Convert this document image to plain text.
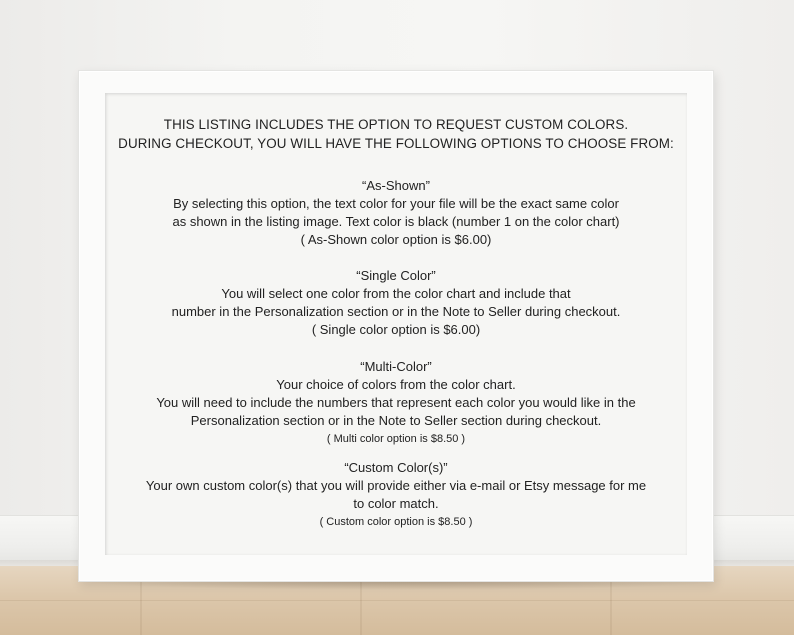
THIS LISTING INCLUDES THE OPTION TO REQUEST CUSTOM COLORS.
DURING CHECKOUT, YOU WILL HAVE THE FOLLOWING OPTIONS TO CHOOSE FROM:
“As-Shown”
By selecting this option, the text color for your file will be the exact same color
as shown in the listing image. Text color is black (number 1 on the color chart)
( As-Shown color option is $6.00)
“Single Color”
You will select one color from the color chart and include that
number in the Personalization section or in the Note to Seller during checkout.
( Single color option is $6.00)
“Multi-Color”
Your choice of colors from the color chart.
You will need to include the numbers that represent each color you would like in the
Personalization section or in the Note to Seller section during checkout.
( Multi color option is $8.50 )
“Custom Color(s)”
Your own custom color(s) that you will provide either via e-mail or Etsy message for me
to color match.
( Custom color option is $8.50 )
